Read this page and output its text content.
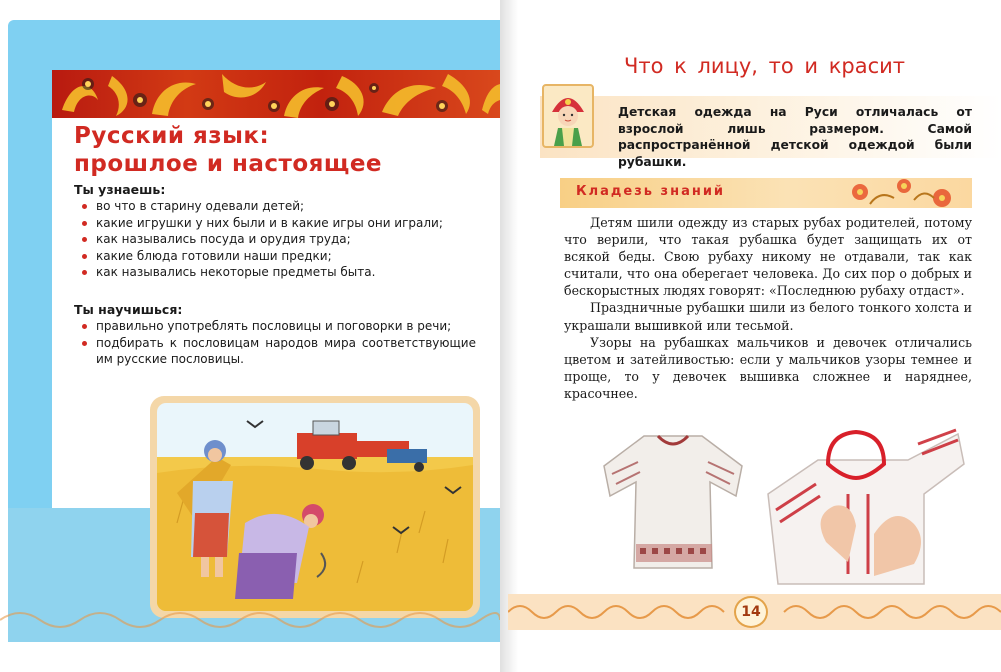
Русский язык:
прошлое и настоящее
Ты узнаешь:
во что в старину одевали детей;
какие игрушки у них были и в какие игры они играли;
как назывались посуда и орудия труда;
какие блюда готовили наши предки;
как назывались некоторые предметы быта.
Ты научишься:
правильно употреблять пословицы и поговорки в речи;
подбирать к пословицам народов мира соответствующие им русские пословицы.
Что к лицу, то и красит
Детская одежда на Руси отличалась от взрослой лишь размером. Самой распространённой детской одеждой были рубашки.
Кладезь знаний

Детям шили одежду из старых рубах родителей, потому что верили, что такая рубашка будет защищать их от всякой беды. Свою рубаху никому не отдавали, так как считали, что она оберегает человека. До сих пор о добрых и бескорыстных людях говорят: «Последнюю рубаху отдаст».

Праздничные рубашки шили из белого тонкого холста и украшали вышивкой или тесьмой.

Узоры на рубашках мальчиков и девочек отличались цветом и затейливостью: если у мальчиков узоры темнее и проще, то у девочек вышивка сложнее и наряднее, красочнее.

14
